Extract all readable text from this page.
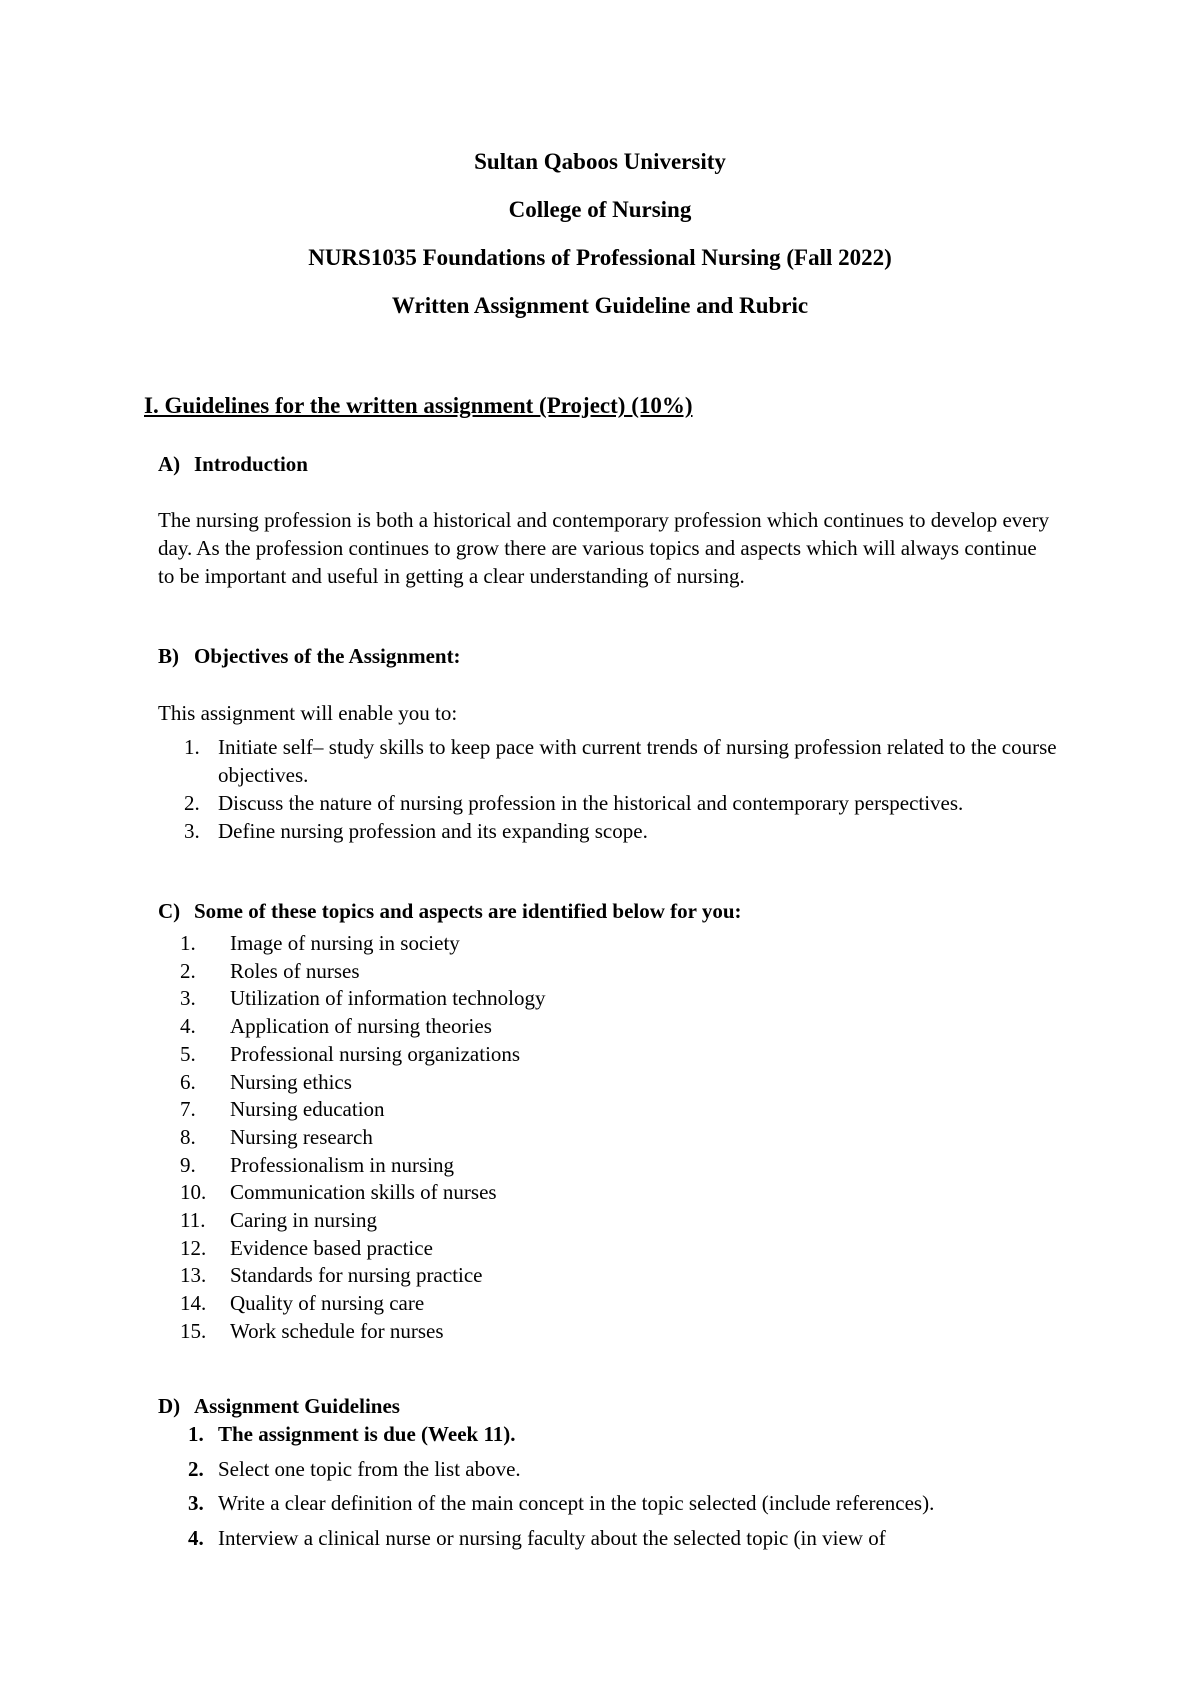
Sultan Qaboos University
College of Nursing
NURS1035 Foundations of Professional Nursing (Fall 2022)
Written Assignment Guideline and Rubric
I. Guidelines for the written assignment (Project) (10%)
A) Introduction
The nursing profession is both a historical and contemporary profession which continues to develop every day. As the profession continues to grow there are various topics and aspects which will always continue to be important and useful in getting a clear understanding of nursing.
B) Objectives of the Assignment:
This assignment will enable you to:
1. Initiate self– study skills to keep pace with current trends of nursing profession related to the course objectives.
2. Discuss the nature of nursing profession in the historical and contemporary perspectives.
3. Define nursing profession and its expanding scope.
C) Some of these topics and aspects are identified below for you:
1. Image of nursing in society
2. Roles of nurses
3. Utilization of information technology
4. Application of nursing theories
5. Professional nursing organizations
6. Nursing ethics
7. Nursing education
8. Nursing research
9. Professionalism in nursing
10. Communication skills of nurses
11. Caring in nursing
12. Evidence based practice
13. Standards for nursing practice
14. Quality of nursing care
15. Work schedule for nurses
D) Assignment Guidelines
1. The assignment is due (Week 11).
2. Select one topic from the list above.
3. Write a clear definition of the main concept in the topic selected (include references).
4. Interview a clinical nurse or nursing faculty about the selected topic (in view of
